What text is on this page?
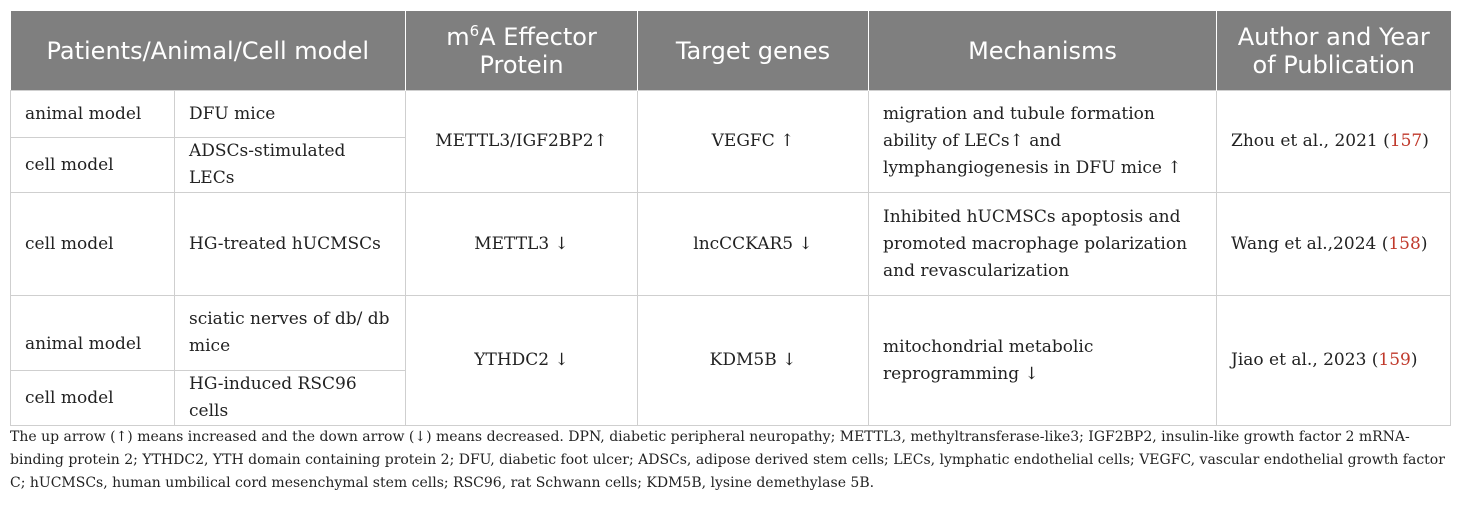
Patients/Animal/Cell model		$m^6A$ Effector Protein	Target genes	Mechanisms	Author and Year of Publication
animal model	DFU mice	METTL3/IGF2BP2↑	VEGFC ↑	migration and tubule formation ability of LECs↑ and lymphangiogenesis in DFU mice ↑	Zhou et al., 2021 (157)
cell model	ADSCs-stimulated LECs				
cell model	HG-treated hUCMSCs	METTL3 ↓	lncCCKAR5 ↓	Inhibited hUCMSCs apoptosis and promoted macrophage polarization and revascularization	Wang et al.,2024 (158)
animal model	sciatic nerves of db/ db mice	YTHDC2 ↓	KDM5B ↓	mitochondrial metabolic reprogramming ↓	Jiao et al., 2023 (159)
cell model	HG-induced RSC96 cells				
The up arrow (↑) means increased and the down arrow (↓) means decreased. DPN, diabetic peripheral neuropathy; METTL3, methyltransferase-like3; IGF2BP2, insulin-like growth factor 2 mRNA-binding protein 2; YTHDC2, YTH domain containing protein 2; DFU, diabetic foot ulcer; ADSCs, adipose derived stem cells; LECs, lymphatic endothelial cells; VEGFC, vascular endothelial growth factor C; hUCMSCs, human umbilical cord mesenchymal stem cells; RSC96, rat Schwann cells; KDM5B, lysine demethylase 5B.
